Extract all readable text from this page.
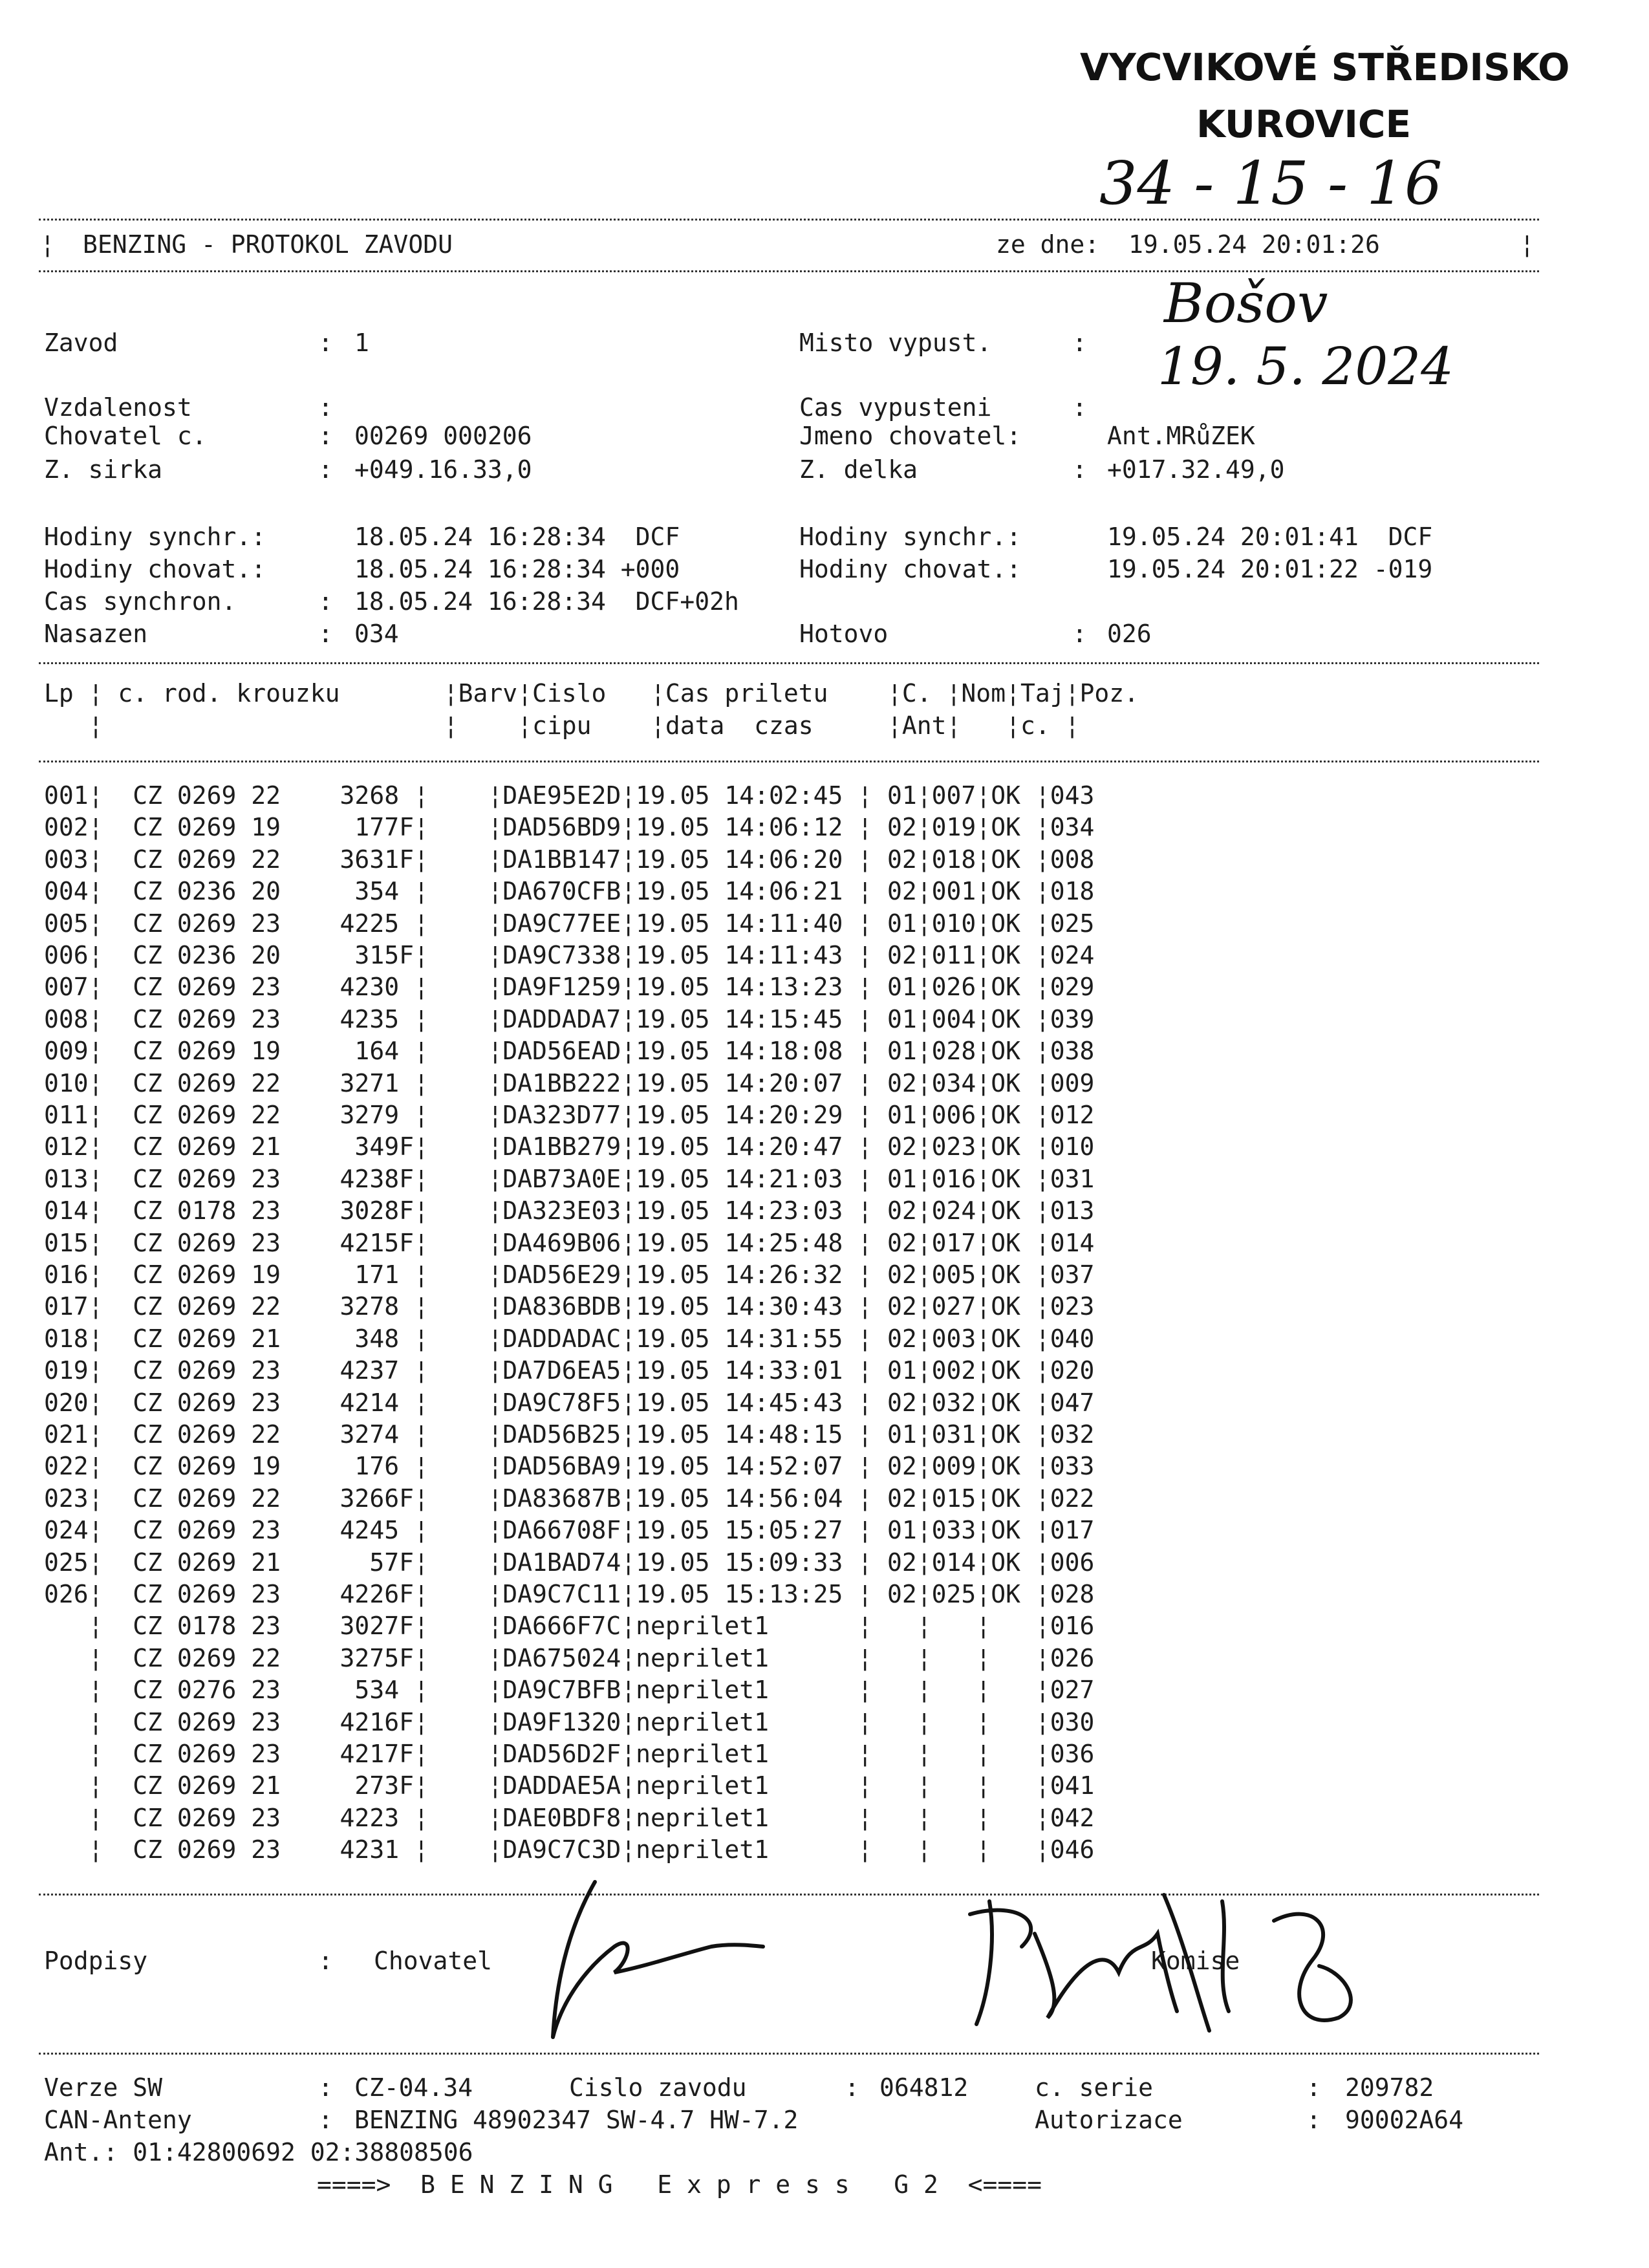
VYCVIKOVÉ STŘEDISKO
KUROVICE
34 - 15 - 16
¦ BENZING - PROTOKOL ZAVODU	ze dne: 19.05.24 20:01:26	¦
Zavod	: 1	Misto vypust.	:
Bošov
19. 5. 2024
Vzdalenost	:	Cas vypusteni	:
Chovatel c.	: 00269 000206	Jmeno chovatel:	Ant.MRůZEK
Z. sirka	: +049.16.33,0	Z. delka	: +017.32.49,0
Hodiny synchr.:	18.05.24 16:28:34  DCF	Hodiny synchr.:	19.05.24 20:01:41  DCF
Hodiny chovat.:	18.05.24 16:28:34 +000	Hodiny chovat.:	19.05.24 20:01:22 -019
Cas synchron.	: 18.05.24 16:28:34  DCF+02h
Nasazen	: 034	Hotovo	: 026
Lp ¦ c. rod. krouzku       ¦Barv¦Cislo   ¦Cas priletu    ¦C. ¦Nom¦Taj¦Poz.
¦                       ¦    ¦cipu    ¦data  czas     ¦Ant¦   ¦c. ¦
001¦  CZ 0269 22    3268 ¦    ¦DAE95E2D¦19.05 14:02:45 ¦ 01¦007¦OK ¦043
002¦  CZ 0269 19     177F¦    ¦DAD56BD9¦19.05 14:06:12 ¦ 02¦019¦OK ¦034
003¦  CZ 0269 22    3631F¦    ¦DA1BB147¦19.05 14:06:20 ¦ 02¦018¦OK ¦008
004¦  CZ 0236 20     354 ¦    ¦DA670CFB¦19.05 14:06:21 ¦ 02¦001¦OK ¦018
005¦  CZ 0269 23    4225 ¦    ¦DA9C77EE¦19.05 14:11:40 ¦ 01¦010¦OK ¦025
006¦  CZ 0236 20     315F¦    ¦DA9C7338¦19.05 14:11:43 ¦ 02¦011¦OK ¦024
007¦  CZ 0269 23    4230 ¦    ¦DA9F1259¦19.05 14:13:23 ¦ 01¦026¦OK ¦029
008¦  CZ 0269 23    4235 ¦    ¦DADDADA7¦19.05 14:15:45 ¦ 01¦004¦OK ¦039
009¦  CZ 0269 19     164 ¦    ¦DAD56EAD¦19.05 14:18:08 ¦ 01¦028¦OK ¦038
010¦  CZ 0269 22    3271 ¦    ¦DA1BB222¦19.05 14:20:07 ¦ 02¦034¦OK ¦009
011¦  CZ 0269 22    3279 ¦    ¦DA323D77¦19.05 14:20:29 ¦ 01¦006¦OK ¦012
012¦  CZ 0269 21     349F¦    ¦DA1BB279¦19.05 14:20:47 ¦ 02¦023¦OK ¦010
013¦  CZ 0269 23    4238F¦    ¦DAB73A0E¦19.05 14:21:03 ¦ 01¦016¦OK ¦031
014¦  CZ 0178 23    3028F¦    ¦DA323E03¦19.05 14:23:03 ¦ 02¦024¦OK ¦013
015¦  CZ 0269 23    4215F¦    ¦DA469B06¦19.05 14:25:48 ¦ 02¦017¦OK ¦014
016¦  CZ 0269 19     171 ¦    ¦DAD56E29¦19.05 14:26:32 ¦ 02¦005¦OK ¦037
017¦  CZ 0269 22    3278 ¦    ¦DA836BDB¦19.05 14:30:43 ¦ 02¦027¦OK ¦023
018¦  CZ 0269 21     348 ¦    ¦DADDADAC¦19.05 14:31:55 ¦ 02¦003¦OK ¦040
019¦  CZ 0269 23    4237 ¦    ¦DA7D6EA5¦19.05 14:33:01 ¦ 01¦002¦OK ¦020
020¦  CZ 0269 23    4214 ¦    ¦DA9C78F5¦19.05 14:45:43 ¦ 02¦032¦OK ¦047
021¦  CZ 0269 22    3274 ¦    ¦DAD56B25¦19.05 14:48:15 ¦ 01¦031¦OK ¦032
022¦  CZ 0269 19     176 ¦    ¦DAD56BA9¦19.05 14:52:07 ¦ 02¦009¦OK ¦033
023¦  CZ 0269 22    3266F¦    ¦DA83687B¦19.05 14:56:04 ¦ 02¦015¦OK ¦022
024¦  CZ 0269 23    4245 ¦    ¦DA66708F¦19.05 15:05:27 ¦ 01¦033¦OK ¦017
025¦  CZ 0269 21      57F¦    ¦DA1BAD74¦19.05 15:09:33 ¦ 02¦014¦OK ¦006
026¦  CZ 0269 23    4226F¦    ¦DA9C7C11¦19.05 15:13:25 ¦ 02¦025¦OK ¦028
¦  CZ 0178 23    3027F¦    ¦DA666F7C¦neprilet1      ¦   ¦   ¦   ¦016
¦  CZ 0269 22    3275F¦    ¦DA675024¦neprilet1      ¦   ¦   ¦   ¦026
¦  CZ 0276 23     534 ¦    ¦DA9C7BFB¦neprilet1      ¦   ¦   ¦   ¦027
¦  CZ 0269 23    4216F¦    ¦DA9F1320¦neprilet1      ¦   ¦   ¦   ¦030
¦  CZ 0269 23    4217F¦    ¦DAD56D2F¦neprilet1      ¦   ¦   ¦   ¦036
¦  CZ 0269 21     273F¦    ¦DADDAE5A¦neprilet1      ¦   ¦   ¦   ¦041
¦  CZ 0269 23    4223 ¦    ¦DAE0BDF8¦neprilet1      ¦   ¦   ¦   ¦042
¦  CZ 0269 23    4231 ¦    ¦DA9C7C3D¦neprilet1      ¦   ¦   ¦   ¦046
Podpisy	: Chovatel	Komise
Verze SW	: CZ-04.34	Cislo zavodu	: 064812	c. serie	: 209782
CAN-Anteny	: BENZING 48902347 SW-4.7 HW-7.2	Autorizace	: 90002A64
Ant.: 01:42800692 02:38808506
====>  B E N Z I N G   E x p r e s s   G 2  <====
